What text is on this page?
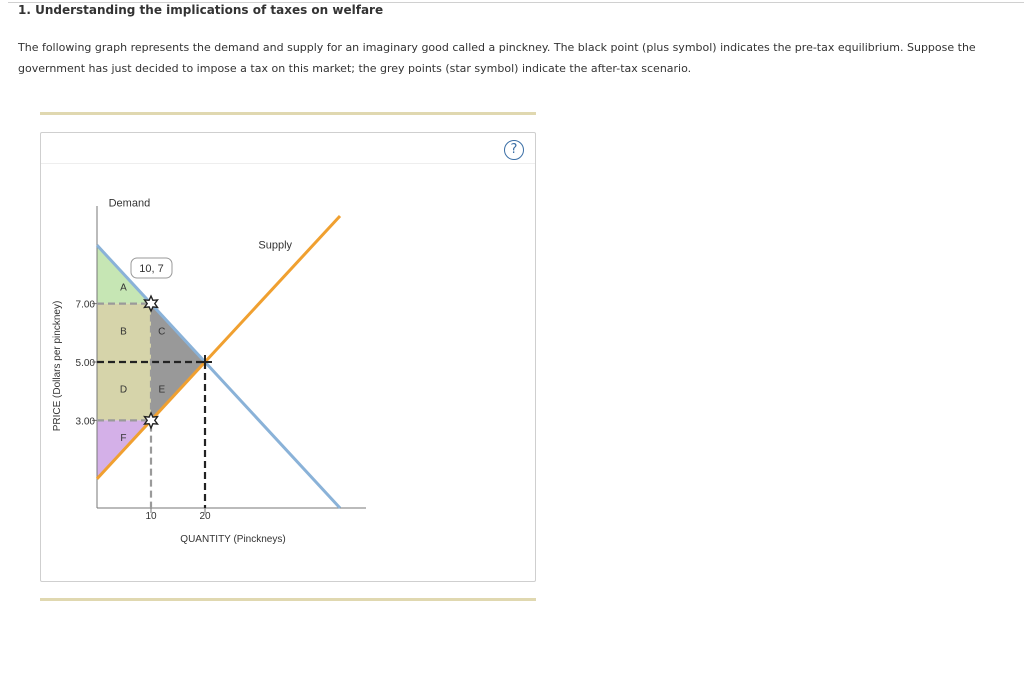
1. Understanding the implications of taxes on welfare
The following graph represents the demand and supply for an imaginary good called a pinckney. The black point (plus symbol) indicates the pre-tax equilibrium. Suppose the government has just decided to impose a tax on this market; the grey points (star symbol) indicate the after-tax scenario.
?
A
B	C
D	E
F
Demand
Supply
7.00
5.00
3.00
10	20
QUANTITY (Pinckneys)
PRICE (Dollars per pinckney)
10, 7
